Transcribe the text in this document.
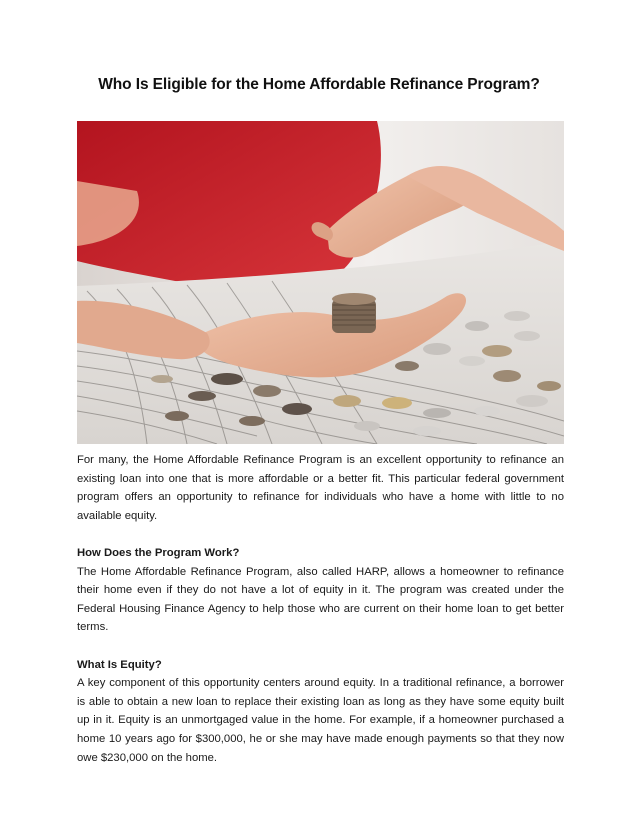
Who Is Eligible for the Home Affordable Refinance Program?

For many, the Home Affordable Refinance Program is an excellent opportunity to refinance an existing loan into one that is more affordable or a better fit. This particular federal government program offers an opportunity to refinance for individuals who have a home with little to no available equity.

How Does the Program Work?

The Home Affordable Refinance Program, also called HARP, allows a homeowner to refinance their home even if they do not have a lot of equity in it. The program was created under the Federal Housing Finance Agency to help those who are current on their home loan to get better terms.

What Is Equity?

A key component of this opportunity centers around equity. In a traditional refinance, a borrower is able to obtain a new loan to replace their existing loan as long as they have some equity built up in it. Equity is an unmortgaged value in the home. For example, if a homeowner purchased a home 10 years ago for $300,000, he or she may have made enough payments so that they now owe $230,000 on the home.
